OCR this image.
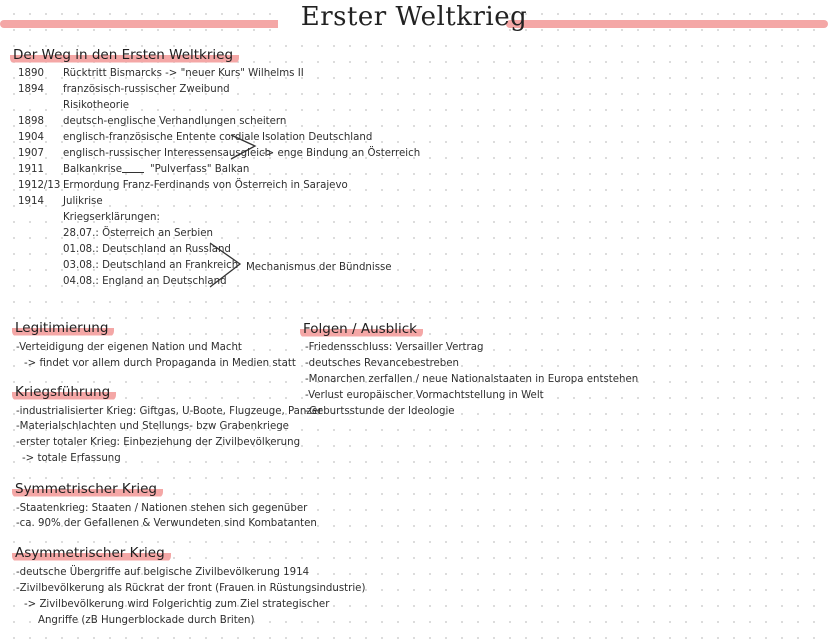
Erster Weltkrieg
Der Weg in den Ersten Weltkrieg
1890 Rücktritt Bismarcks -> "neuer Kurs" Wilhelms II
1894 französisch-russischer Zweibund
Risikotheorie
1898 deutsch-englische Verhandlungen scheitern
1904 englisch-französische Entente cordiale
1907 englisch-russischer Interessensausgleich
1911 Balkankrise
1912/13 Ermordung Franz-Ferdinands von Österreich in Sarajevo
1914 Julikrise
"Pulverfass" Balkan
Isolation Deutschland
-> enge Bindung an Österreich
Kriegserklärungen:
28.07.: Österreich an Serbien
01.08.: Deutschland an Russland
03.08.: Deutschland an Frankreich
04.08.: England an Deutschland
Mechanismus der Bündnisse
Legitimierung
-Verteidigung der eigenen Nation und Macht
-> findet vor allem durch Propaganda in Medien statt
Kriegsführung
-industrialisierter Krieg: Giftgas, U-Boote, Flugzeuge, Panzer
-Materialschlachten und Stellungs- bzw Grabenkriege
-erster totaler Krieg: Einbeziehung der Zivilbevölkerung
-> totale Erfassung
Symmetrischer Krieg
-Staatenkrieg: Staaten / Nationen stehen sich gegenüber
-ca. 90% der Gefallenen & Verwundeten sind Kombatanten
Asymmetrischer Krieg
-deutsche Übergriffe auf belgische Zivilbevölkerung 1914
-Zivilbevölkerung als Rückrat der front (Frauen in Rüstungsindustrie)
-> Zivilbevölkerung wird Folgerichtig zum Ziel strategischer
Angriffe (zB Hungerblockade durch Briten)
Folgen / Ausblick
-Friedensschluss: Versailler Vertrag
-deutsches Revancebestreben
-Monarchen zerfallen / neue Nationalstaaten in Europa entstehen
-Verlust europäischer Vormachtstellung in Welt
-Geburtsstunde der Ideologie
